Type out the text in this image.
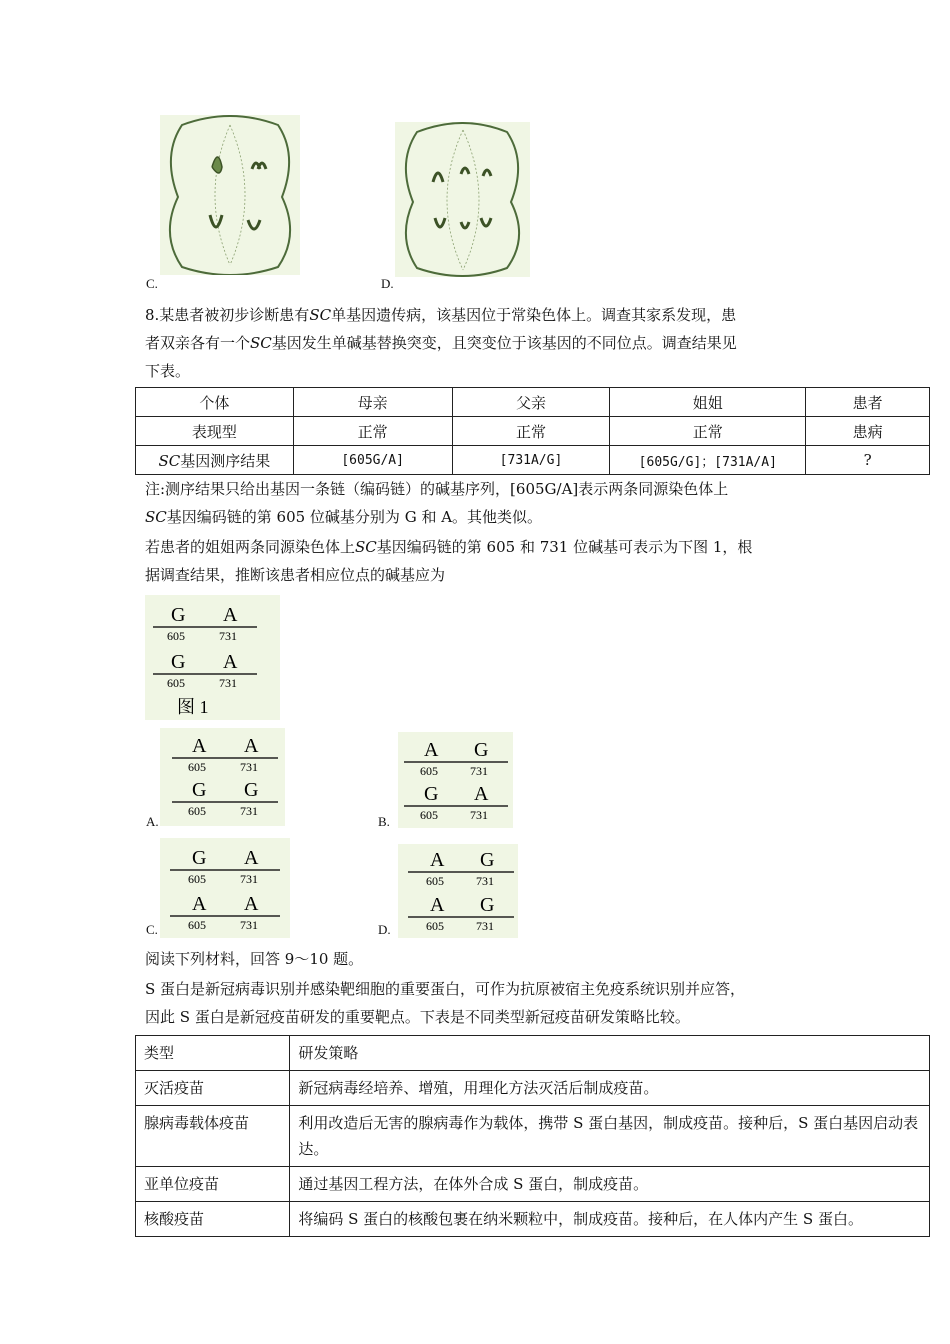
C.	D.
8.某患者被初步诊断患有SC单基因遗传病，该基因位于常染色体上。调查其家系发现，患
者双亲各有一个SC基因发生单碱基替换突变，且突变位于该基因的不同位点。调查结果见
下表。
个体	母亲	父亲	姐姐	患者
表现型	正常	正常	正常	患病
SC基因测序结果	[605G/A]	[731A/G]	[605G/G]；[731A/A]	?
注:测序结果只给出基因一条链（编码链）的碱基序列，[605G/A]表示两条同源染色体上
SC基因编码链的第 605 位碱基分别为 G 和 A。其他类似。
若患者的姐姐两条同源染色体上SC基因编码链的第 605 和 731 位碱基可表示为下图 1，根
据调查结果，推断该患者相应位点的碱基应为
G A
605	731
G A
605	731
图 1
A A
605	731
G G
605	731
A.
A G
605	731
G A
605	731
B.
G A
605	731
A A
605	731
C.
A G
605	731
A G
605	731
D.
阅读下列材料，回答 9～10 题。
S 蛋白是新冠病毒识别并感染靶细胞的重要蛋白，可作为抗原被宿主免疫系统识别并应答，
因此 S 蛋白是新冠疫苗研发的重要靶点。下表是不同类型新冠疫苗研发策略比较。
类型	研发策略
灭活疫苗	新冠病毒经培养、增殖，用理化方法灭活后制成疫苗。
腺病毒载体疫苗	利用改造后无害的腺病毒作为载体，携带 S 蛋白基因，制成疫苗。接种后，S 蛋白基因启动表达。
亚单位疫苗	通过基因工程方法，在体外合成 S 蛋白，制成疫苗。
核酸疫苗	将编码 S 蛋白的核酸包裹在纳米颗粒中，制成疫苗。接种后，在人体内产生 S 蛋白。
